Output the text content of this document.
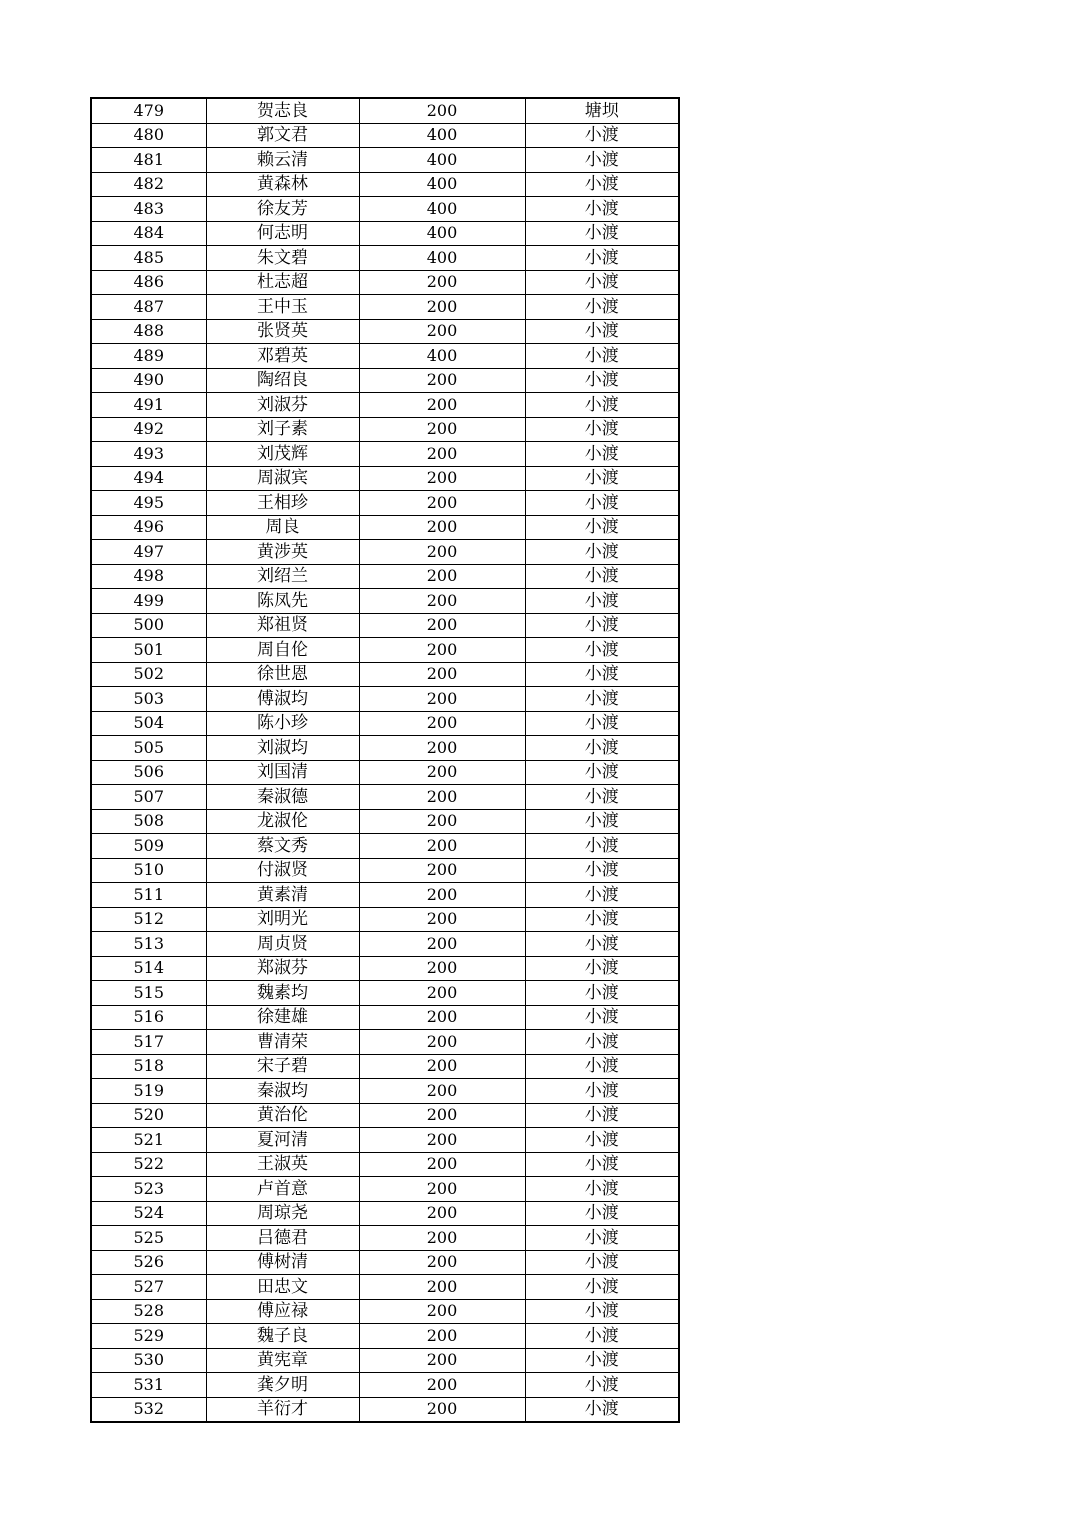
479	贺志良	200	塘坝
480	郭文君	400	小渡
481	赖云清	400	小渡
482	黄森林	400	小渡
483	徐友芳	400	小渡
484	何志明	400	小渡
485	朱文碧	400	小渡
486	杜志超	200	小渡
487	王中玉	200	小渡
488	张贤英	200	小渡
489	邓碧英	400	小渡
490	陶绍良	200	小渡
491	刘淑芬	200	小渡
492	刘子素	200	小渡
493	刘茂辉	200	小渡
494	周淑宾	200	小渡
495	王相珍	200	小渡
496	周良	200	小渡
497	黄涉英	200	小渡
498	刘绍兰	200	小渡
499	陈凤先	200	小渡
500	郑祖贤	200	小渡
501	周自伦	200	小渡
502	徐世恩	200	小渡
503	傅淑均	200	小渡
504	陈小珍	200	小渡
505	刘淑均	200	小渡
506	刘国清	200	小渡
507	秦淑德	200	小渡
508	龙淑伦	200	小渡
509	蔡文秀	200	小渡
510	付淑贤	200	小渡
511	黄素清	200	小渡
512	刘明光	200	小渡
513	周贞贤	200	小渡
514	郑淑芬	200	小渡
515	魏素均	200	小渡
516	徐建雄	200	小渡
517	曹清荣	200	小渡
518	宋子碧	200	小渡
519	秦淑均	200	小渡
520	黄治伦	200	小渡
521	夏河清	200	小渡
522	王淑英	200	小渡
523	卢首意	200	小渡
524	周琼尧	200	小渡
525	吕德君	200	小渡
526	傅树清	200	小渡
527	田忠文	200	小渡
528	傅应禄	200	小渡
529	魏子良	200	小渡
530	黄宪章	200	小渡
531	龚夕明	200	小渡
532	羊衍才	200	小渡
